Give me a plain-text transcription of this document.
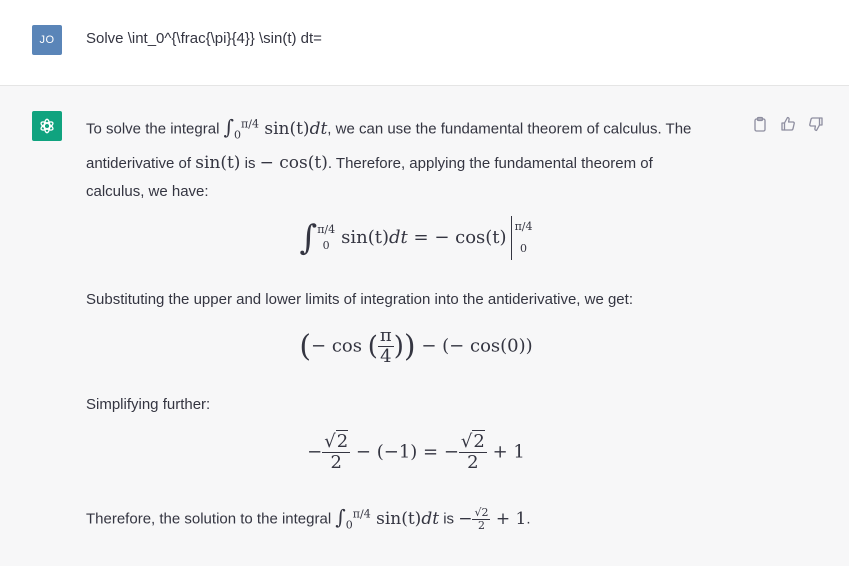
JO	Solve \int_0^{\frac{\pi}{4}} \sin(t) dt=
To solve the integral $\int_0^{\pi/4}$ sin(t)dt, we can use the fundamental theorem of calculus. The
antiderivative of sin(t) is − cos(t). Therefore, applying the fundamental theorem of
calculus, we have:
∫ π/4
0 sin(t)dt = − cos(t)
π/4
0
Substituting the upper and lower limits of integration into the antiderivative, we get:
(− cos ( $\frac{\pi}{4}$ )) − (− cos(0))
Simplifying further:
− $\frac{√2}{2} - (-1)$ = − $\frac{√2}{2} + 1$
Therefore, the solution to the integral $\int_0^{\pi/4}$ sin(t)dt is − $\frac{√2}{2} + 1$.
